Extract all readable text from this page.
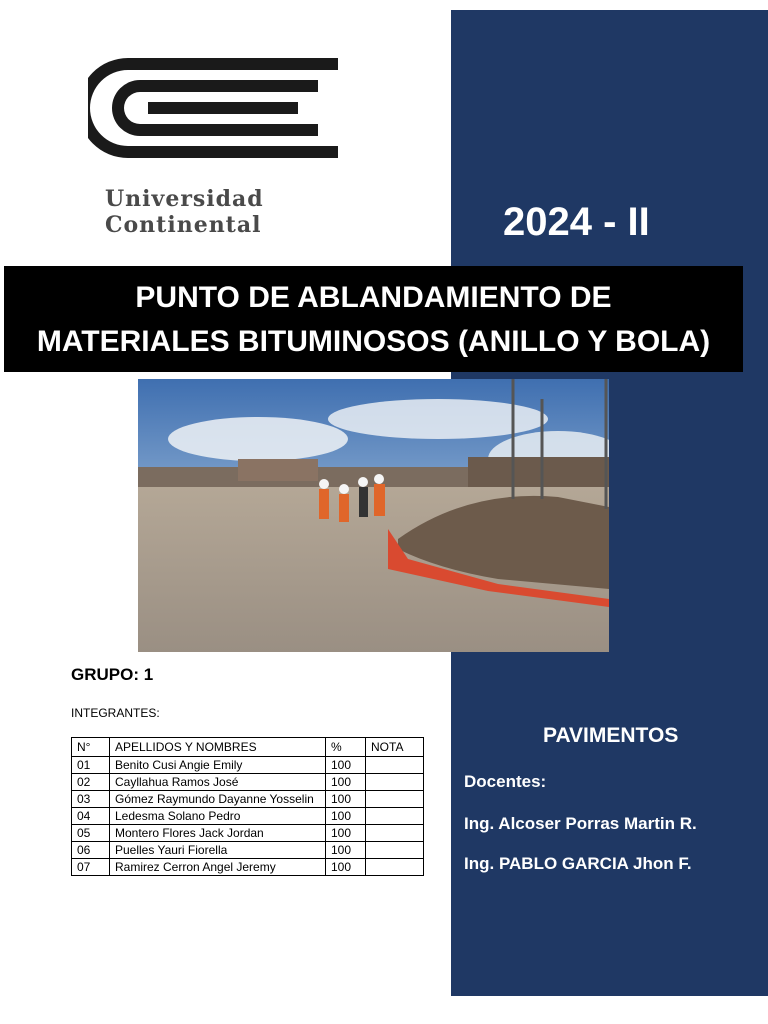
Universidad
Continental	2024 - II
PUNTO DE ABLANDAMIENTO DE
MATERIALES BITUMINOSOS (ANILLO Y BOLA)
GRUPO: 1
INTEGRANTES:
N°	APELLIDOS Y NOMBRES	%	NOTA
01	Benito Cusi Angie Emily	100	
02	Cayllahua Ramos José	100	
03	Gómez Raymundo Dayanne Yosselin	100	
04	Ledesma Solano Pedro	100	
05	Montero Flores Jack Jordan	100	
06	Puelles Yauri Fiorella	100	
07	Ramirez Cerron Angel Jeremy	100	
PAVIMENTOS
Docentes:
Ing. Alcoser Porras Martin R.
Ing. PABLO GARCIA Jhon F.
